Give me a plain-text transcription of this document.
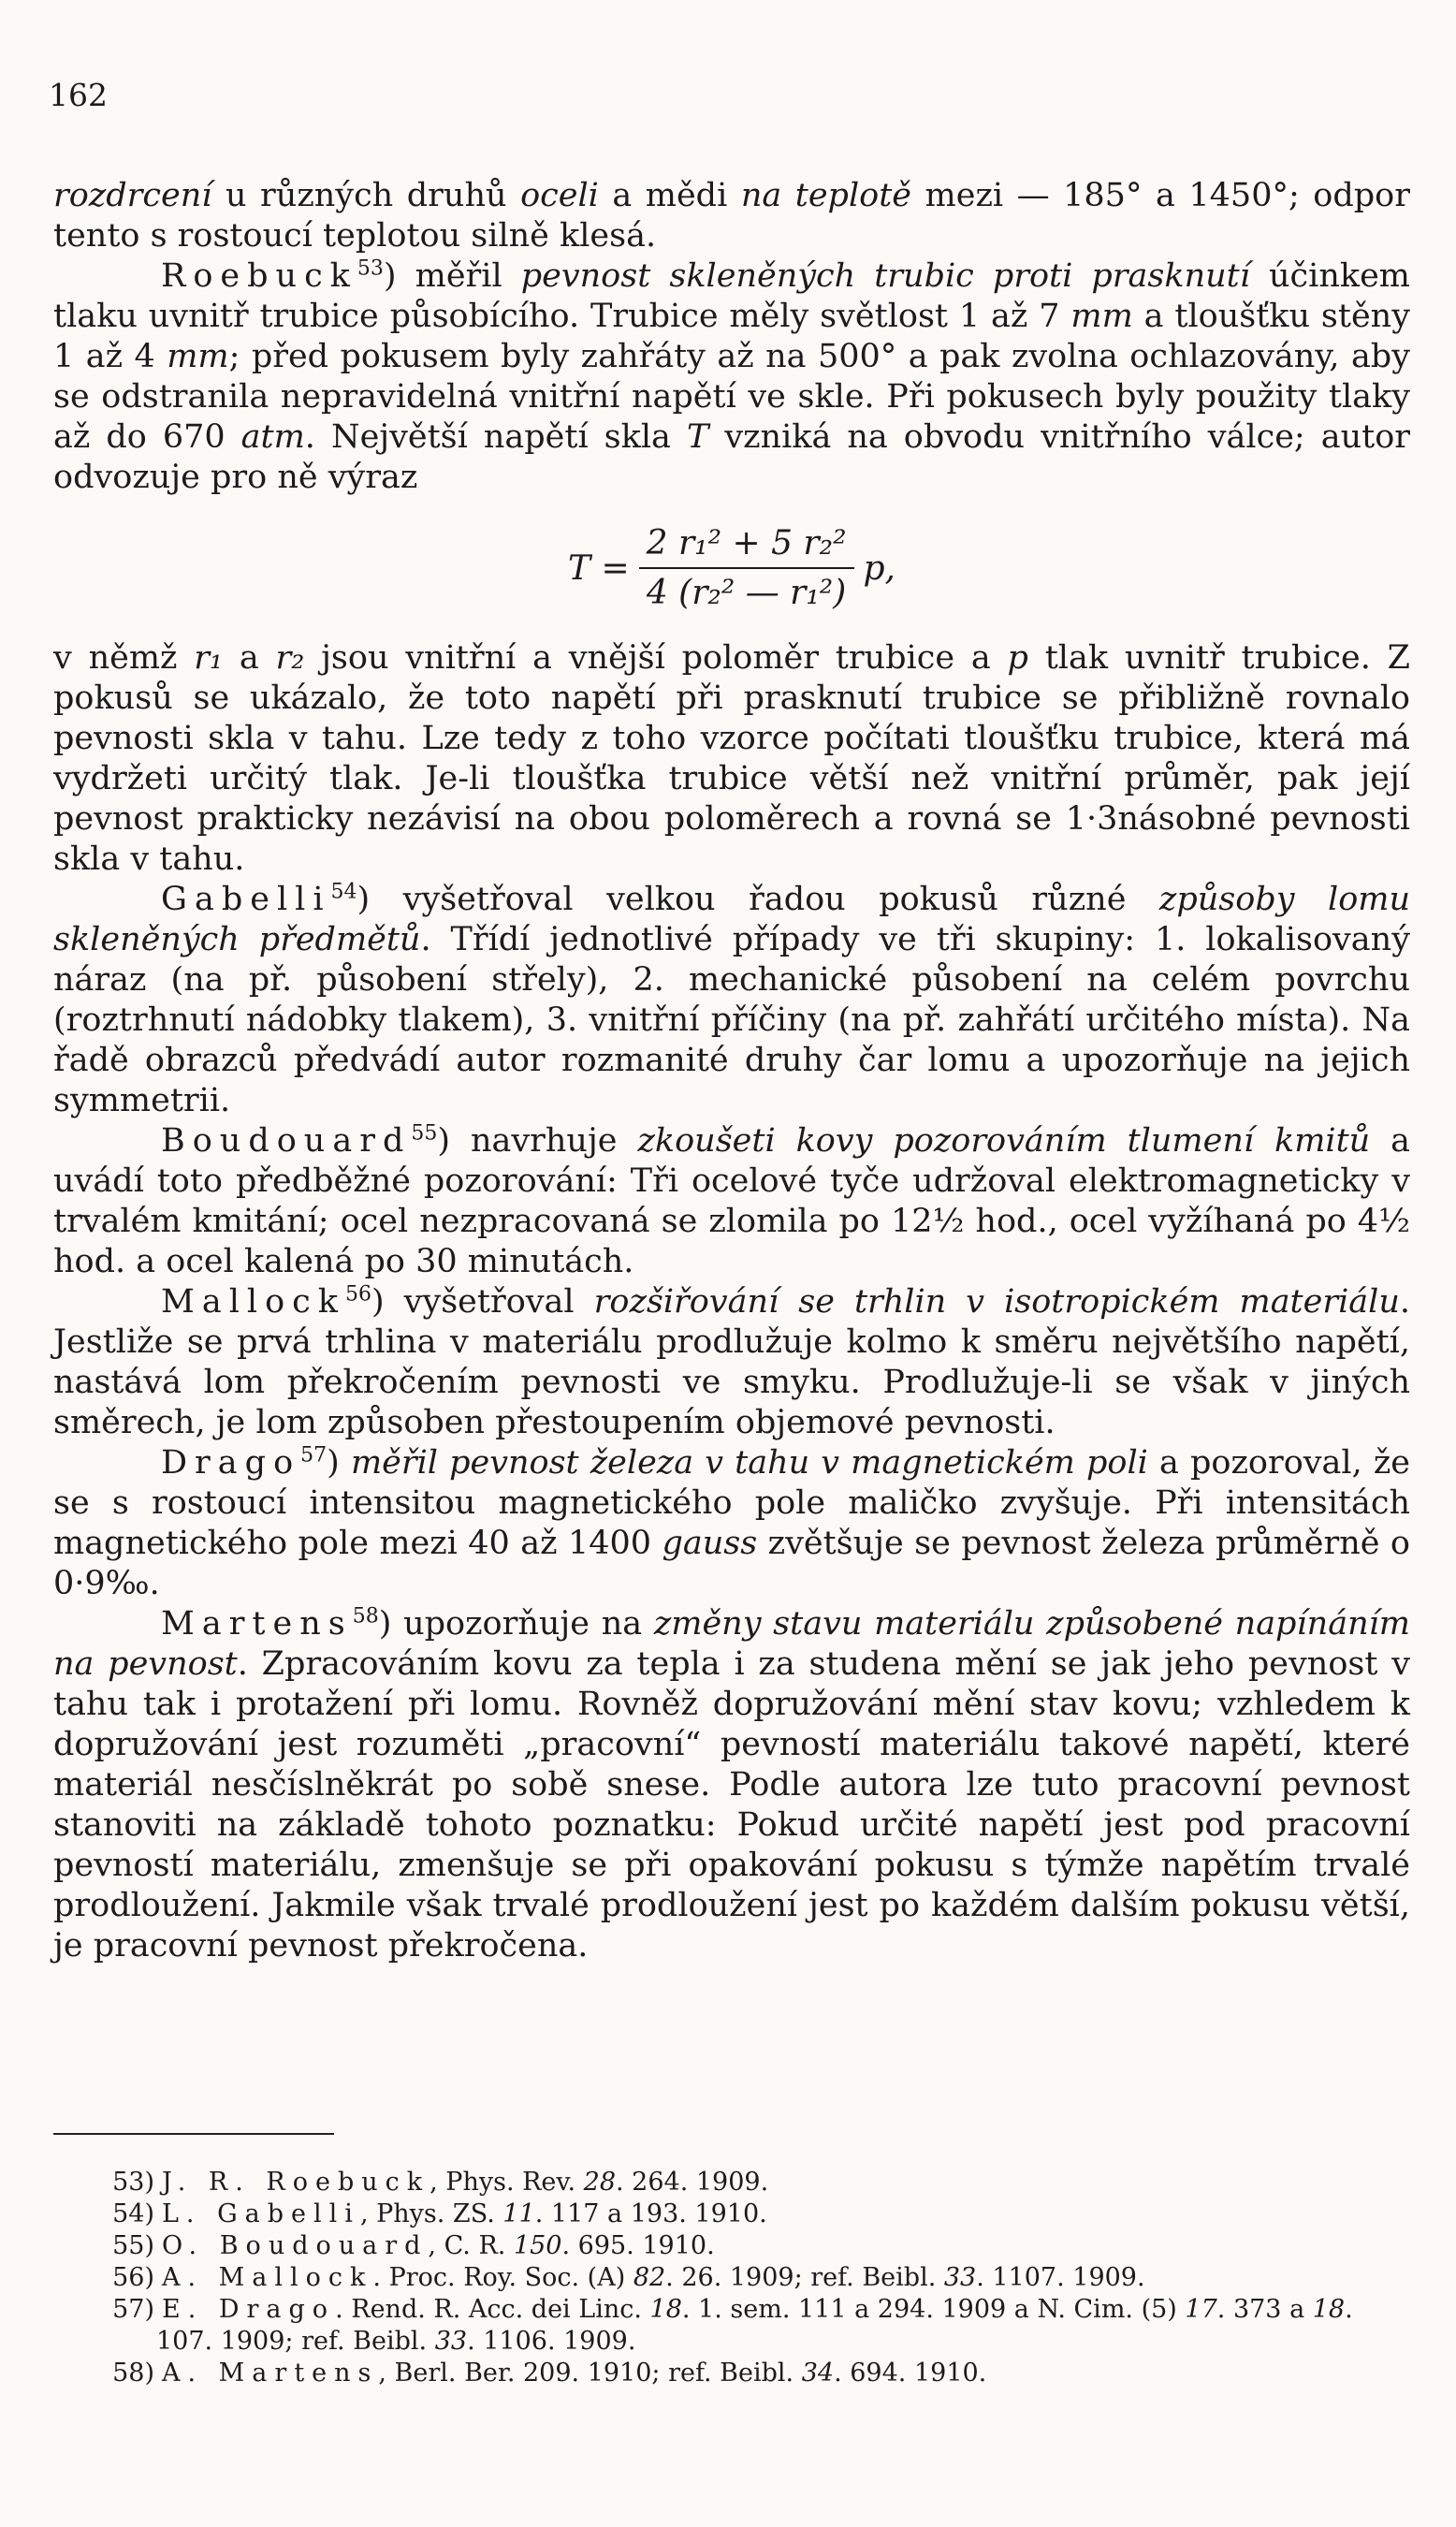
162

rozdrcení u různých druhů oceli a mědi na teplotě mezi — 185° a 1450°; odpor tento s rostoucí teplotou silně klesá.

Roebuck$^{53}$) měřil pevnost skleněných trubic proti prasknutí účinkem tlaku uvnitř trubice působícího. Trubice měly světlost 1 až 7 mm a tloušťku stěny 1 až 4 mm; před pokusem byly zahřáty až na 500° a pak zvolna ochlazovány, aby se odstranila nepravidelná vnitřní napětí ve skle. Při pokusech byly použity tlaky až do 670 atm. Největší napětí skla T vzniká na obvodu vnitřního válce; autor odvozuje pro ně výraz

$T = \frac{\text{2 r₁² + 5 r₂²}}{\text{4 (r₂² — r₁²)}} p$,

v němž r₁ a r₂ jsou vnitřní a vnější poloměr trubice a p tlak uvnitř trubice. Z pokusů se ukázalo, že toto napětí při prasknutí trubice se přibližně rovnalo pevnosti skla v tahu. Lze tedy z toho vzorce počítati tloušťku trubice, která má vydržeti určitý tlak. Je-li tloušťka trubice větší než vnitřní průměr, pak její pevnost prakticky nezávisí na obou poloměrech a rovná se 1·3násobné pevnosti skla v tahu.

Gabelli$^{54}$) vyšetřoval velkou řadou pokusů různé způsoby lomu skleněných předmětů. Třídí jednotlivé případy ve tři skupiny: 1. lokalisovaný náraz (na př. působení střely), 2. mechanické působení na celém povrchu (roztrhnutí nádobky tlakem), 3. vnitřní příčiny (na př. zahřátí určitého místa). Na řadě obrazců předvádí autor rozmanité druhy čar lomu a upozorňuje na jejich symmetrii.

Boudouard$^{55}$) navrhuje zkoušeti kovy pozorováním tlumení kmitů a uvádí toto předběžné pozorování: Tři ocelové tyče udržoval elektromagneticky v trvalém kmitání; ocel nezpracovaná se zlomila po 12½ hod., ocel vyžíhaná po 4½ hod. a ocel kalená po 30 minutách.

Mallock$^{56}$) vyšetřoval rozšiřování se trhlin v isotropickém materiálu. Jestliže se prvá trhlina v materiálu prodlužuje kolmo k směru největšího napětí, nastává lom překročením pevnosti ve smyku. Prodlužuje-li se však v jiných směrech, je lom způsoben přestoupením objemové pevnosti.

Drago$^{57}$) měřil pevnost železa v tahu v magnetickém poli a pozoroval, že se s rostoucí intensitou magnetického pole maličko zvyšuje. Při intensitách magnetického pole mezi 40 až 1400 gauss zvětšuje se pevnost železa průměrně o 0·9‰.

Martens$^{58}$) upozorňuje na změny stavu materiálu způsobené napínáním na pevnost. Zpracováním kovu za tepla i za studena mění se jak jeho pevnost v tahu tak i protažení při lomu. Rovněž dopružování mění stav kovu; vzhledem k dopružování jest rozuměti „pracovní“ pevností materiálu takové napětí, které materiál nesčíslněkrát po sobě snese. Podle autora lze tuto pracovní pevnost stanoviti na základě tohoto poznatku: Pokud určité napětí jest pod pracovní pevností materiálu, zmenšuje se při opakování pokusu s týmže napětím trvalé prodloužení. Jakmile však trvalé prodloužení jest po každém dalším pokusu větší, je pracovní pevnost překročena.

53) J. R. Roebuck, Phys. Rev. 28. 264. 1909.
54) L. Gabelli, Phys. ZS. 11. 117 a 193. 1910.
55) O. Boudouard, C. R. 150. 695. 1910.
56) A. Mallock. Proc. Roy. Soc. (A) 82. 26. 1909; ref. Beibl. 33. 1107. 1909.
57) E. Drago. Rend. R. Acc. dei Linc. 18. 1. sem. 111 a 294. 1909 a N. Cim. (5) 17. 373 a 18. 107. 1909; ref. Beibl. 33. 1106. 1909.
58) A. Martens, Berl. Ber. 209. 1910; ref. Beibl. 34. 694. 1910.
